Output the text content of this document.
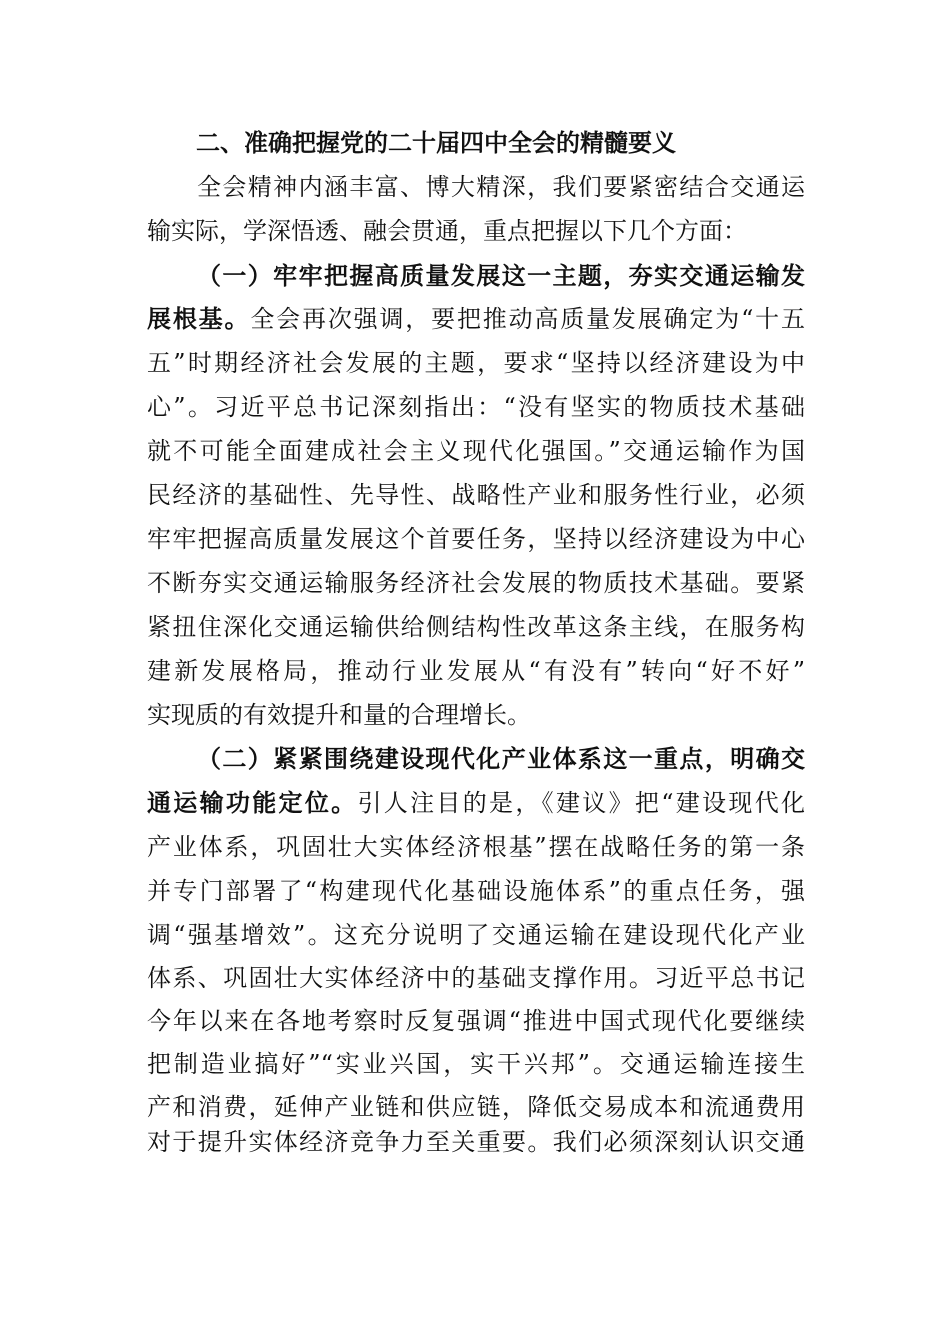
二、准确把握党的二十届四中全会的精髓要义
全会精神内涵丰富、博大精深，我们要紧密结合交通运
输实际，学深悟透、融会贯通，重点把握以下几个方面：
（一）牢牢把握高质量发展这一主题，夯实交通运输发
展根基。全会再次强调，要把推动高质量发展确定为“十五
五”时期经济社会发展的主题，要求“坚持以经济建设为中
心”。习近平总书记深刻指出：“没有坚实的物质技术基础
就不可能全面建成社会主义现代化强国。”交通运输作为国
民经济的基础性、先导性、战略性产业和服务性行业，必须
牢牢把握高质量发展这个首要任务，坚持以经济建设为中心
不断夯实交通运输服务经济社会发展的物质技术基础。要紧
紧扭住深化交通运输供给侧结构性改革这条主线，在服务构
建新发展格局，推动行业发展从“有没有”转向“好不好”
实现质的有效提升和量的合理增长。
（二）紧紧围绕建设现代化产业体系这一重点，明确交
通运输功能定位。引人注目的是，《建议》把“建设现代化
产业体系，巩固壮大实体经济根基”摆在战略任务的第一条
并专门部署了“构建现代化基础设施体系”的重点任务，强
调“强基增效”。这充分说明了交通运输在建设现代化产业
体系、巩固壮大实体经济中的基础支撑作用。习近平总书记
今年以来在各地考察时反复强调“推进中国式现代化要继续
把制造业搞好”“实业兴国，实干兴邦”。交通运输连接生
产和消费，延伸产业链和供应链，降低交易成本和流通费用
对于提升实体经济竞争力至关重要。我们必须深刻认识交通
